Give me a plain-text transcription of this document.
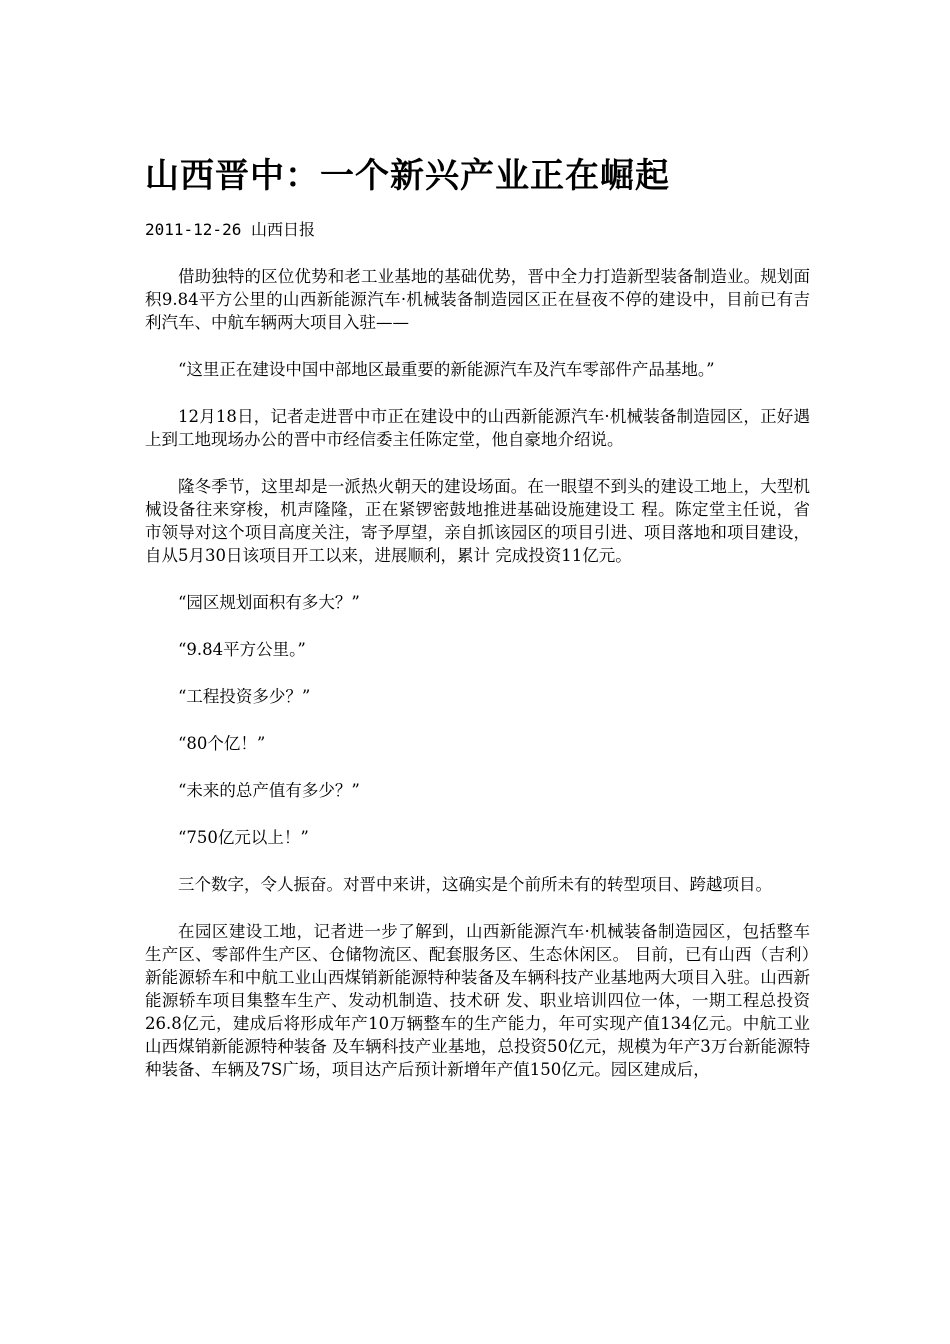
山西晋中：一个新兴产业正在崛起
2011-12-26 山西日报

借助独特的区位优势和老工业基地的基础优势，晋中全力打造新型装备制造业。规划面积9.84平方公里的山西新能源汽车·机械装备制造园区正在昼夜不停的建设中，目前已有吉利汽车、中航车辆两大项目入驻——

“这里正在建设中国中部地区最重要的新能源汽车及汽车零部件产品基地。”

12月18日，记者走进晋中市正在建设中的山西新能源汽车·机械装备制造园区，正好遇上到工地现场办公的晋中市经信委主任陈定堂，他自豪地介绍说。

隆冬季节，这里却是一派热火朝天的建设场面。在一眼望不到头的建设工地上，大型机械设备往来穿梭，机声隆隆，正在紧锣密鼓地推进基础设施建设工 程。陈定堂主任说，省市领导对这个项目高度关注，寄予厚望，亲自抓该园区的项目引进、项目落地和项目建设，自从5月30日该项目开工以来，进展顺利，累计 完成投资11亿元。

“园区规划面积有多大？”

“9.84平方公里。”

“工程投资多少？”

“80个亿！”

“未来的总产值有多少？”

“750亿元以上！”

三个数字，令人振奋。对晋中来讲，这确实是个前所未有的转型项目、跨越项目。

在园区建设工地，记者进一步了解到，山西新能源汽车·机械装备制造园区，包括整车生产区、零部件生产区、仓储物流区、配套服务区、生态休闲区。 目前，已有山西（吉利）新能源轿车和中航工业山西煤销新能源特种装备及车辆科技产业基地两大项目入驻。山西新能源轿车项目集整车生产、发动机制造、技术研 发、职业培训四位一体，一期工程总投资26.8亿元，建成后将形成年产10万辆整车的生产能力，年可实现产值134亿元。中航工业山西煤销新能源特种装备 及车辆科技产业基地，总投资50亿元，规模为年产3万台新能源特种装备、车辆及7S广场，项目达产后预计新增年产值150亿元。园区建成后，
